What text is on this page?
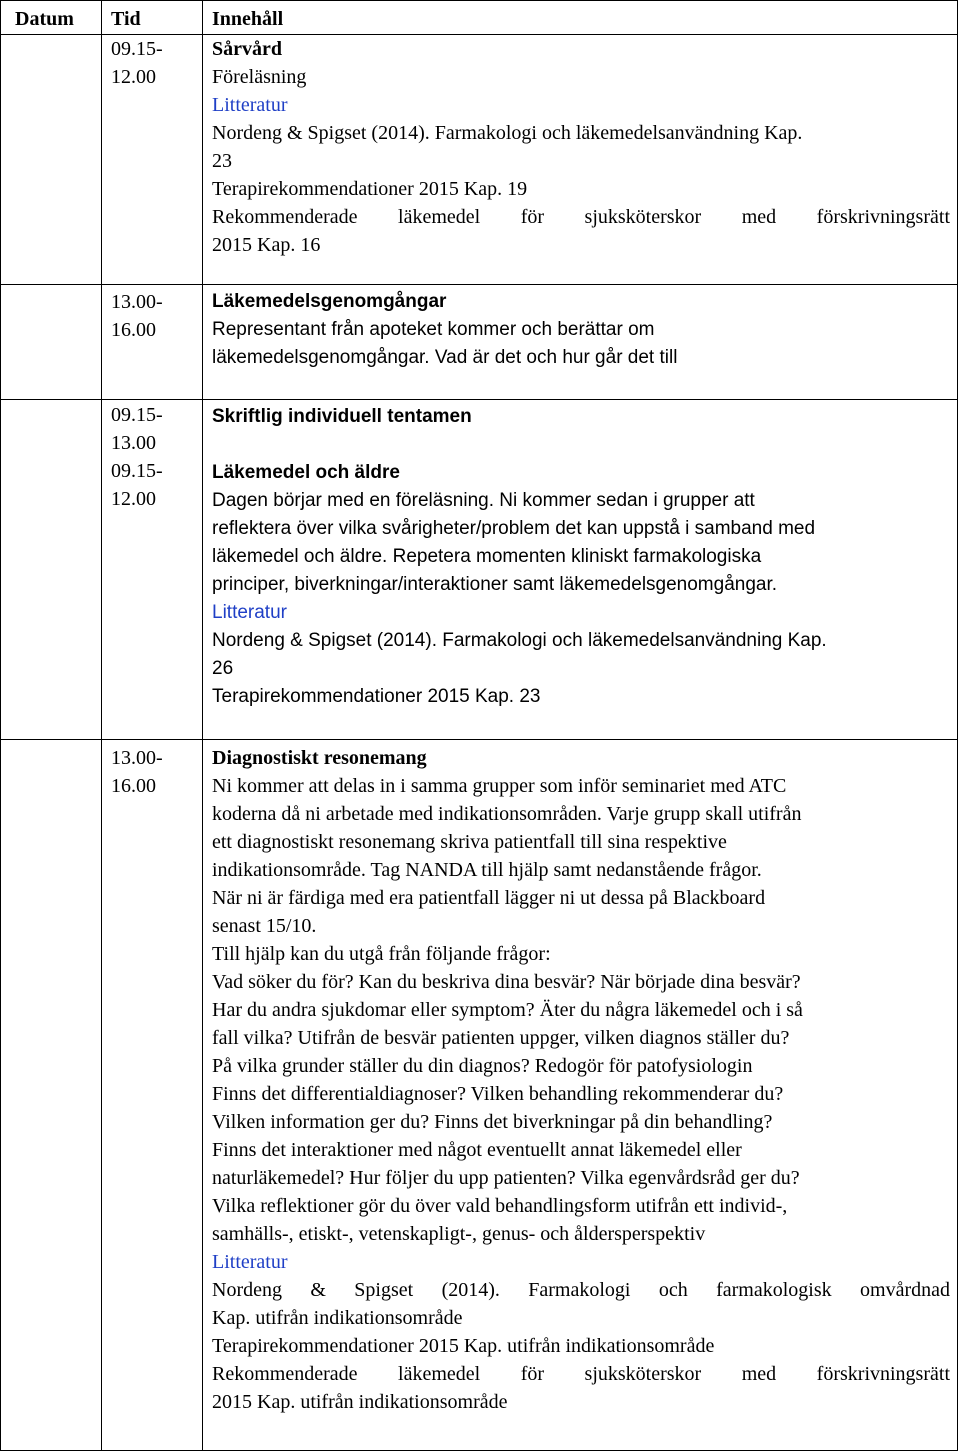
Datum Tid	Innehåll
09.15-
12.00
Sårvård
Föreläsning
Litteratur
Nordeng & Spigset (2014). Farmakologi och läkemedelsanvändning Kap.
23
Terapirekommendationer 2015 Kap. 19
Rekommenderade läkemedel för sjuksköterskor med förskrivningsrätt
2015 Kap. 16
13.00-
16.00
Läkemedelsgenomgångar
Representant från apoteket kommer och berättar om
läkemedelsgenomgångar. Vad är det och hur går det till
09.15-
13.00
09.15-
12.00
Skriftlig individuell tentamen
Läkemedel och äldre
Dagen börjar med en föreläsning. Ni kommer sedan i grupper att
reflektera över vilka svårigheter/problem det kan uppstå i samband med
läkemedel och äldre. Repetera momenten kliniskt farmakologiska
principer, biverkningar/interaktioner samt läkemedelsgenomgångar.
Litteratur
Nordeng & Spigset (2014). Farmakologi och läkemedelsanvändning Kap.
26
Terapirekommendationer 2015 Kap. 23
13.00-
16.00
Diagnostiskt resonemang
Ni kommer att delas in i samma grupper som inför seminariet med ATC
koderna då ni arbetade med indikationsområden. Varje grupp skall utifrån
ett diagnostiskt resonemang skriva patientfall till sina respektive
indikationsområde. Tag NANDA till hjälp samt nedanstående frågor.
När ni är färdiga med era patientfall lägger ni ut dessa på Blackboard
senast 15/10.
Till hjälp kan du utgå från följande frågor:
Vad söker du för? Kan du beskriva dina besvär? När började dina besvär?
Har du andra sjukdomar eller symptom? Äter du några läkemedel och i så
fall vilka? Utifrån de besvär patienten uppger, vilken diagnos ställer du?
På vilka grunder ställer du din diagnos? Redogör för patofysiologin
Finns det differentialdiagnoser? Vilken behandling rekommenderar du?
Vilken information ger du? Finns det biverkningar på din behandling?
Finns det interaktioner med något eventuellt annat läkemedel eller
naturläkemedel? Hur följer du upp patienten? Vilka egenvårdsråd ger du?
Vilka reflektioner gör du över vald behandlingsform utifrån ett individ-,
samhälls-, etiskt-, vetenskapligt-, genus- och åldersperspektiv
Litteratur
Nordeng & Spigset (2014). Farmakologi och farmakologisk omvårdnad
Kap. utifrån indikationsområde
Terapirekommendationer 2015 Kap. utifrån indikationsområde
Rekommenderade läkemedel för sjuksköterskor med förskrivningsrätt
2015 Kap. utifrån indikationsområde
